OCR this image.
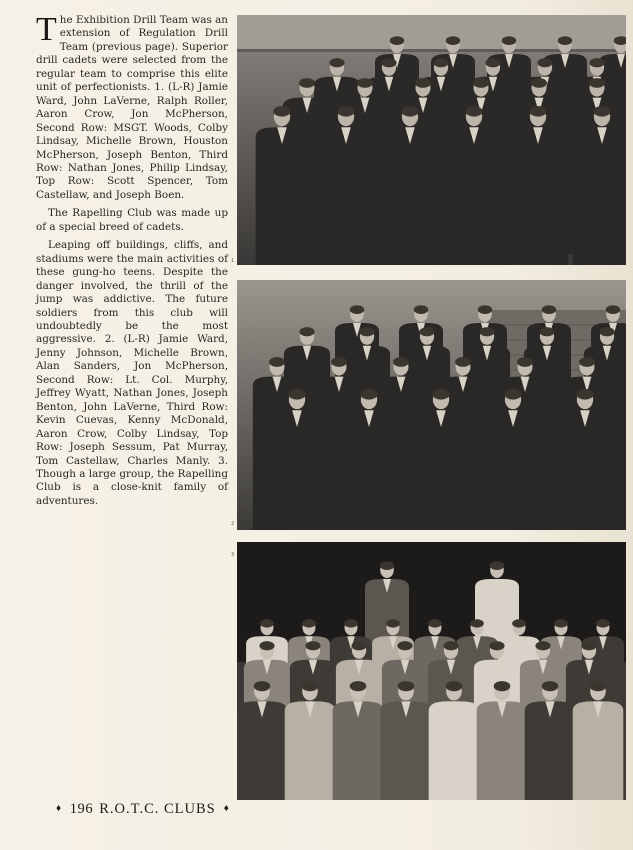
The Exhibition Drill Team was an extension of Regulation Drill Team (previous page). Superior drill cadets were selected from the regular team to comprise this elite unit of perfectionists. 1. (L-R) Jamie Ward, John LaVerne, Ralph Roller, Aaron Crow, Jon McPherson, Second Row: MSGT. Woods, Colby Lindsay, Michelle Brown, Houston McPherson, Joseph Benton, Third Row: Nathan Jones, Philip Lindsay, Top Row: Scott Spencer, Tom Castellaw, and Joseph Boen.

The Rapelling Club was made up of a special breed of cadets.

Leaping off buildings, cliffs, and stadiums were the main activities of these gung-ho teens. Despite the danger involved, the thrill of the jump was addictive. The future soldiers from this club will undoubtedly be the most aggressive. 2. (L-R) Jamie Ward, Jenny Johnson, Michelle Brown, Alan Sanders, Jon McPherson, Second Row: Lt. Col. Murphy, Jeffrey Wyatt, Nathan Jones, Joseph Benton, John LaVerne, Third Row: Kevin Cuevas, Kenny McDonald, Aaron Crow, Colby Lindsay, Top Row: Joseph Sessum, Pat Murray, Tom Castellaw, Charles Manly. 3. Though a large group, the Rapelling Club is a close-knit family of adventures.

1
2
3
♦ 196 R.O.T.C. CLUBS ♦
